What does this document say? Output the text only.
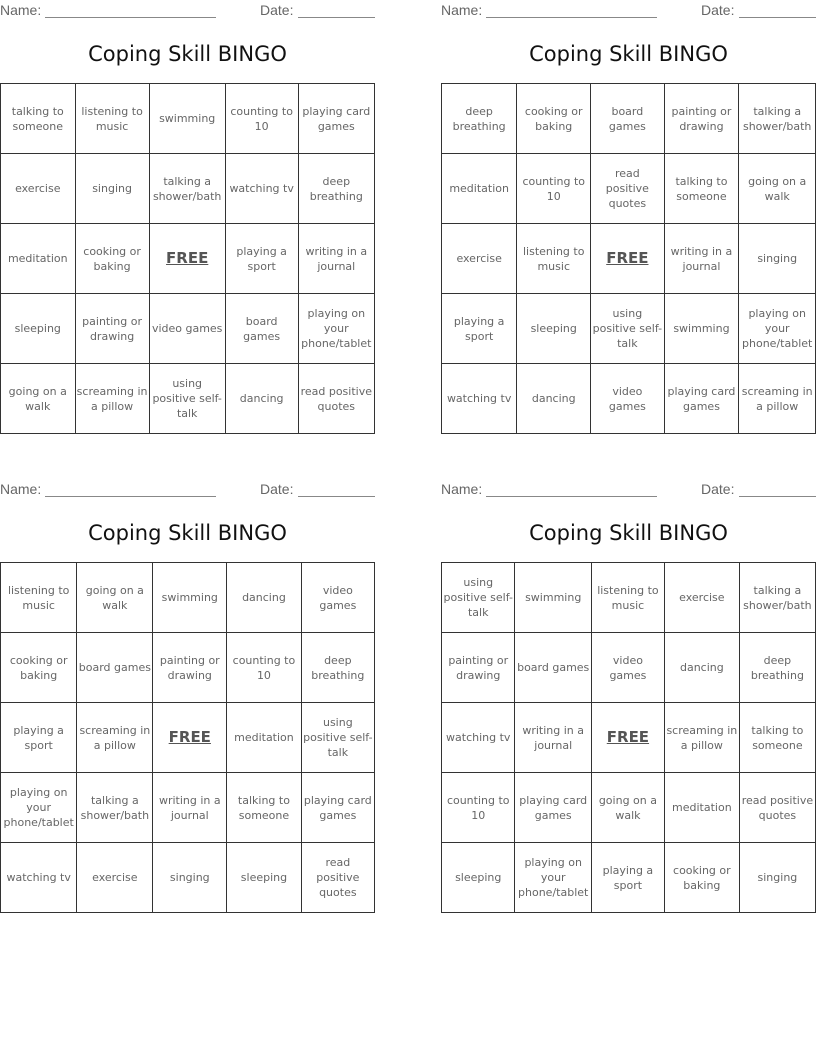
Name:	Date:
Coping Skill BINGO
talking to someone	listening to music	swimming	counting to 10	playing card games
exercise	singing	talking a shower/bath	watching tv	deep breathing
meditation	cooking or baking	FREE	playing a sport	writing in a journal
sleeping	painting or drawing	video games	board games	playing on your phone/tablet
going on a walk	screaming in a pillow	using positive self-talk	dancing	read positive quotes
Name:	Date:
Coping Skill BINGO
deep breathing	cooking or baking	board games	painting or drawing	talking a shower/bath
meditation	counting to 10	read positive quotes	talking to someone	going on a walk
exercise	listening to music	FREE	writing in a journal	singing
playing a sport	sleeping	using positive self-talk	swimming	playing on your phone/tablet
watching tv	dancing	video games	playing card games	screaming in a pillow
Name:	Date:
Coping Skill BINGO
listening to music	going on a walk	swimming	dancing	video games
cooking or baking	board games	painting or drawing	counting to 10	deep breathing
playing a sport	screaming in a pillow	FREE	meditation	using positive self-talk
playing on your phone/tablet	talking a shower/bath	writing in a journal	talking to someone	playing card games
watching tv	exercise	singing	sleeping	read positive quotes
Name:	Date:
Coping Skill BINGO
using positive self-talk	swimming	listening to music	exercise	talking a shower/bath
painting or drawing	board games	video games	dancing	deep breathing
watching tv	writing in a journal	FREE	screaming in a pillow	talking to someone
counting to 10	playing card games	going on a walk	meditation	read positive quotes
sleeping	playing on your phone/tablet	playing a sport	cooking or baking	singing
